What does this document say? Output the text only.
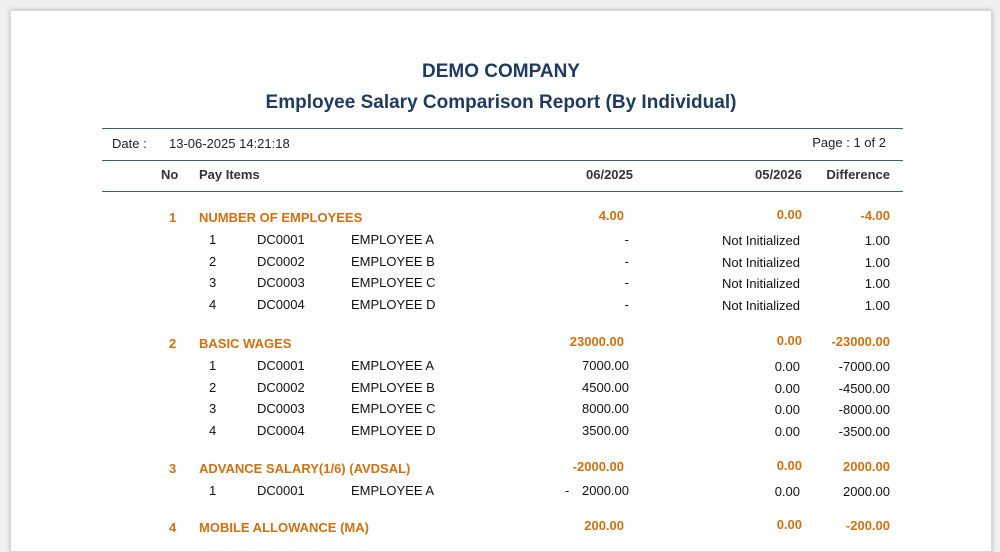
DEMO COMPANY
Employee Salary Comparison Report (By Individual)
Date : 13-06-2025 14:21:18	Page : 1 of 2
No Pay Items	06/2025	05/2026	Difference
1 NUMBER OF EMPLOYEES	4.00	0.00	-4.00
1	DC0001	EMPLOYEE A	-	Not Initialized	1.00
2	DC0002	EMPLOYEE B	-	Not Initialized	1.00
3	DC0003	EMPLOYEE C	-	Not Initialized	1.00
4	DC0004	EMPLOYEE D	-	Not Initialized	1.00
2 BASIC WAGES	23000.00	0.00	-23000.00
1	DC0001	EMPLOYEE A	7000.00	0.00	-7000.00
2	DC0002	EMPLOYEE B	4500.00	0.00	-4500.00
3	DC0003	EMPLOYEE C	8000.00	0.00	-8000.00
4	DC0004	EMPLOYEE D	3500.00	0.00	-3500.00
3 ADVANCE SALARY(1/6) (AVDSAL)	-2000.00	0.00	2000.00
1	DC0001	EMPLOYEE A	- 2000.00	0.00	2000.00
4 MOBILE ALLOWANCE (MA)	200.00	0.00	-200.00
